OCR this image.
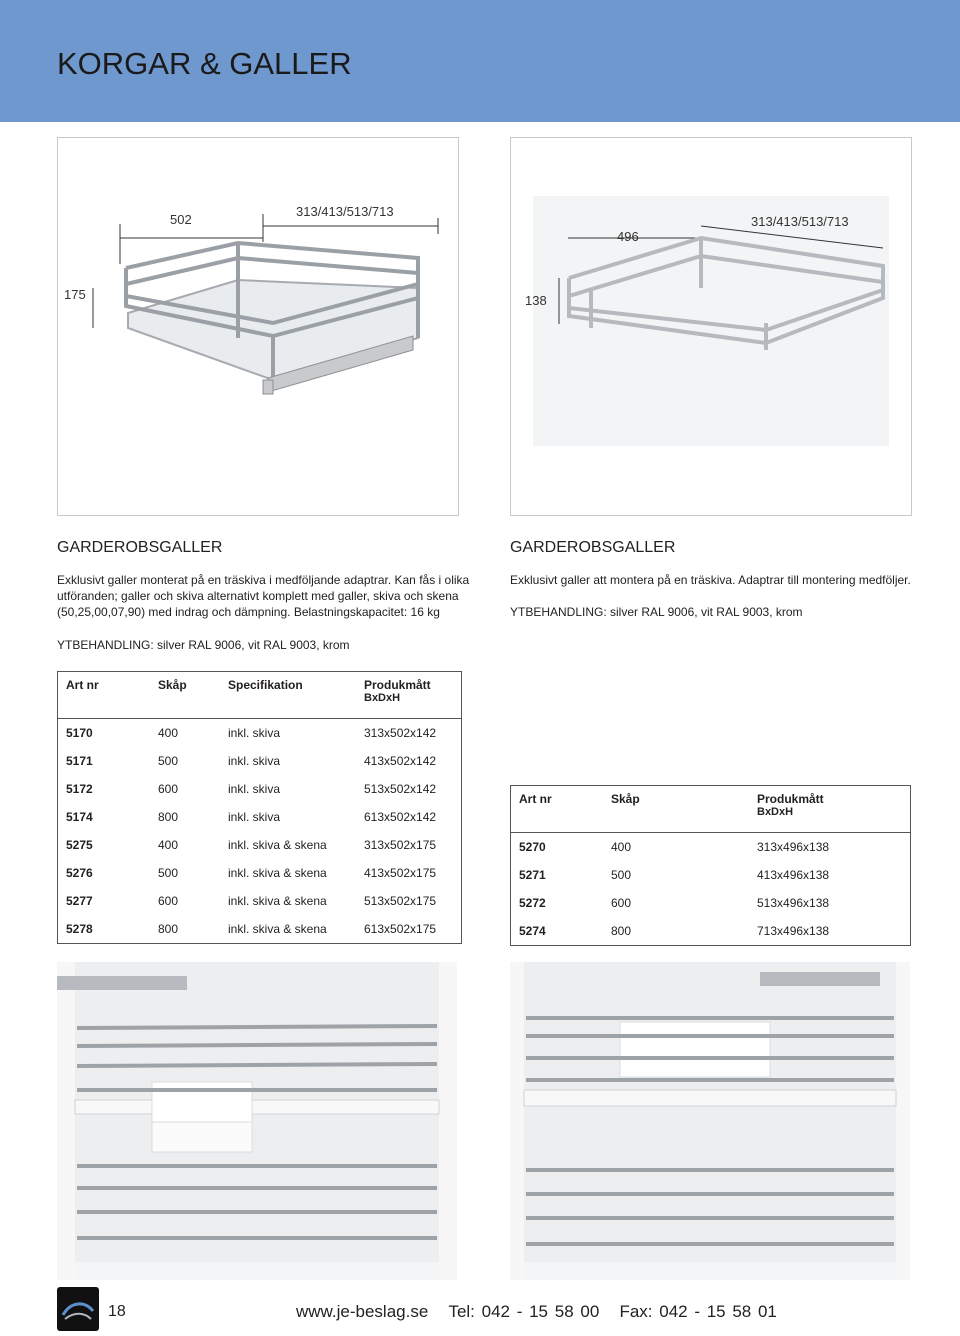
KORGAR & GALLER
502
313/413/513/713
175
496
313/413/513/713
138
GARDEROBSGALLER
Exklusivt galler monterat på en träskiva i medföljande adaptrar. Kan fås i olika
utföranden; galler och skiva alternativt komplett med galler, skiva och skena
(50,25,00,07,90) med indrag och dämpning. Belastningskapacitet: 16 kg
YTBEHANDLING: silver RAL 9006, vit RAL 9003, krom
GARDEROBSGALLER
Exklusivt galler att montera på en träskiva. Adaptrar till montering medföljer.
YTBEHANDLING: silver RAL 9006, vit RAL 9003, krom
Art nr	Skåp	Specifikation	Produkmått
BxDxH

5170	400	inkl. skiva	313x502x142
5171	500	inkl. skiva	413x502x142
5172	600	inkl. skiva	513x502x142
5174	800	inkl. skiva	613x502x142
5275	400	inkl. skiva & skena	313x502x175
5276	500	inkl. skiva & skena	413x502x175
5277	600	inkl. skiva & skena	513x502x175
5278	800	inkl. skiva & skena	613x502x175
Art nr	Skåp	Produkmått
BxDxH

5270	400	313x496x138
5271	500	413x496x138
5272	600	513x496x138
5274	800	713x496x138
18	www.je-beslag.se Tel: 042 - 15 58 00 Fax: 042 - 15 58 01
